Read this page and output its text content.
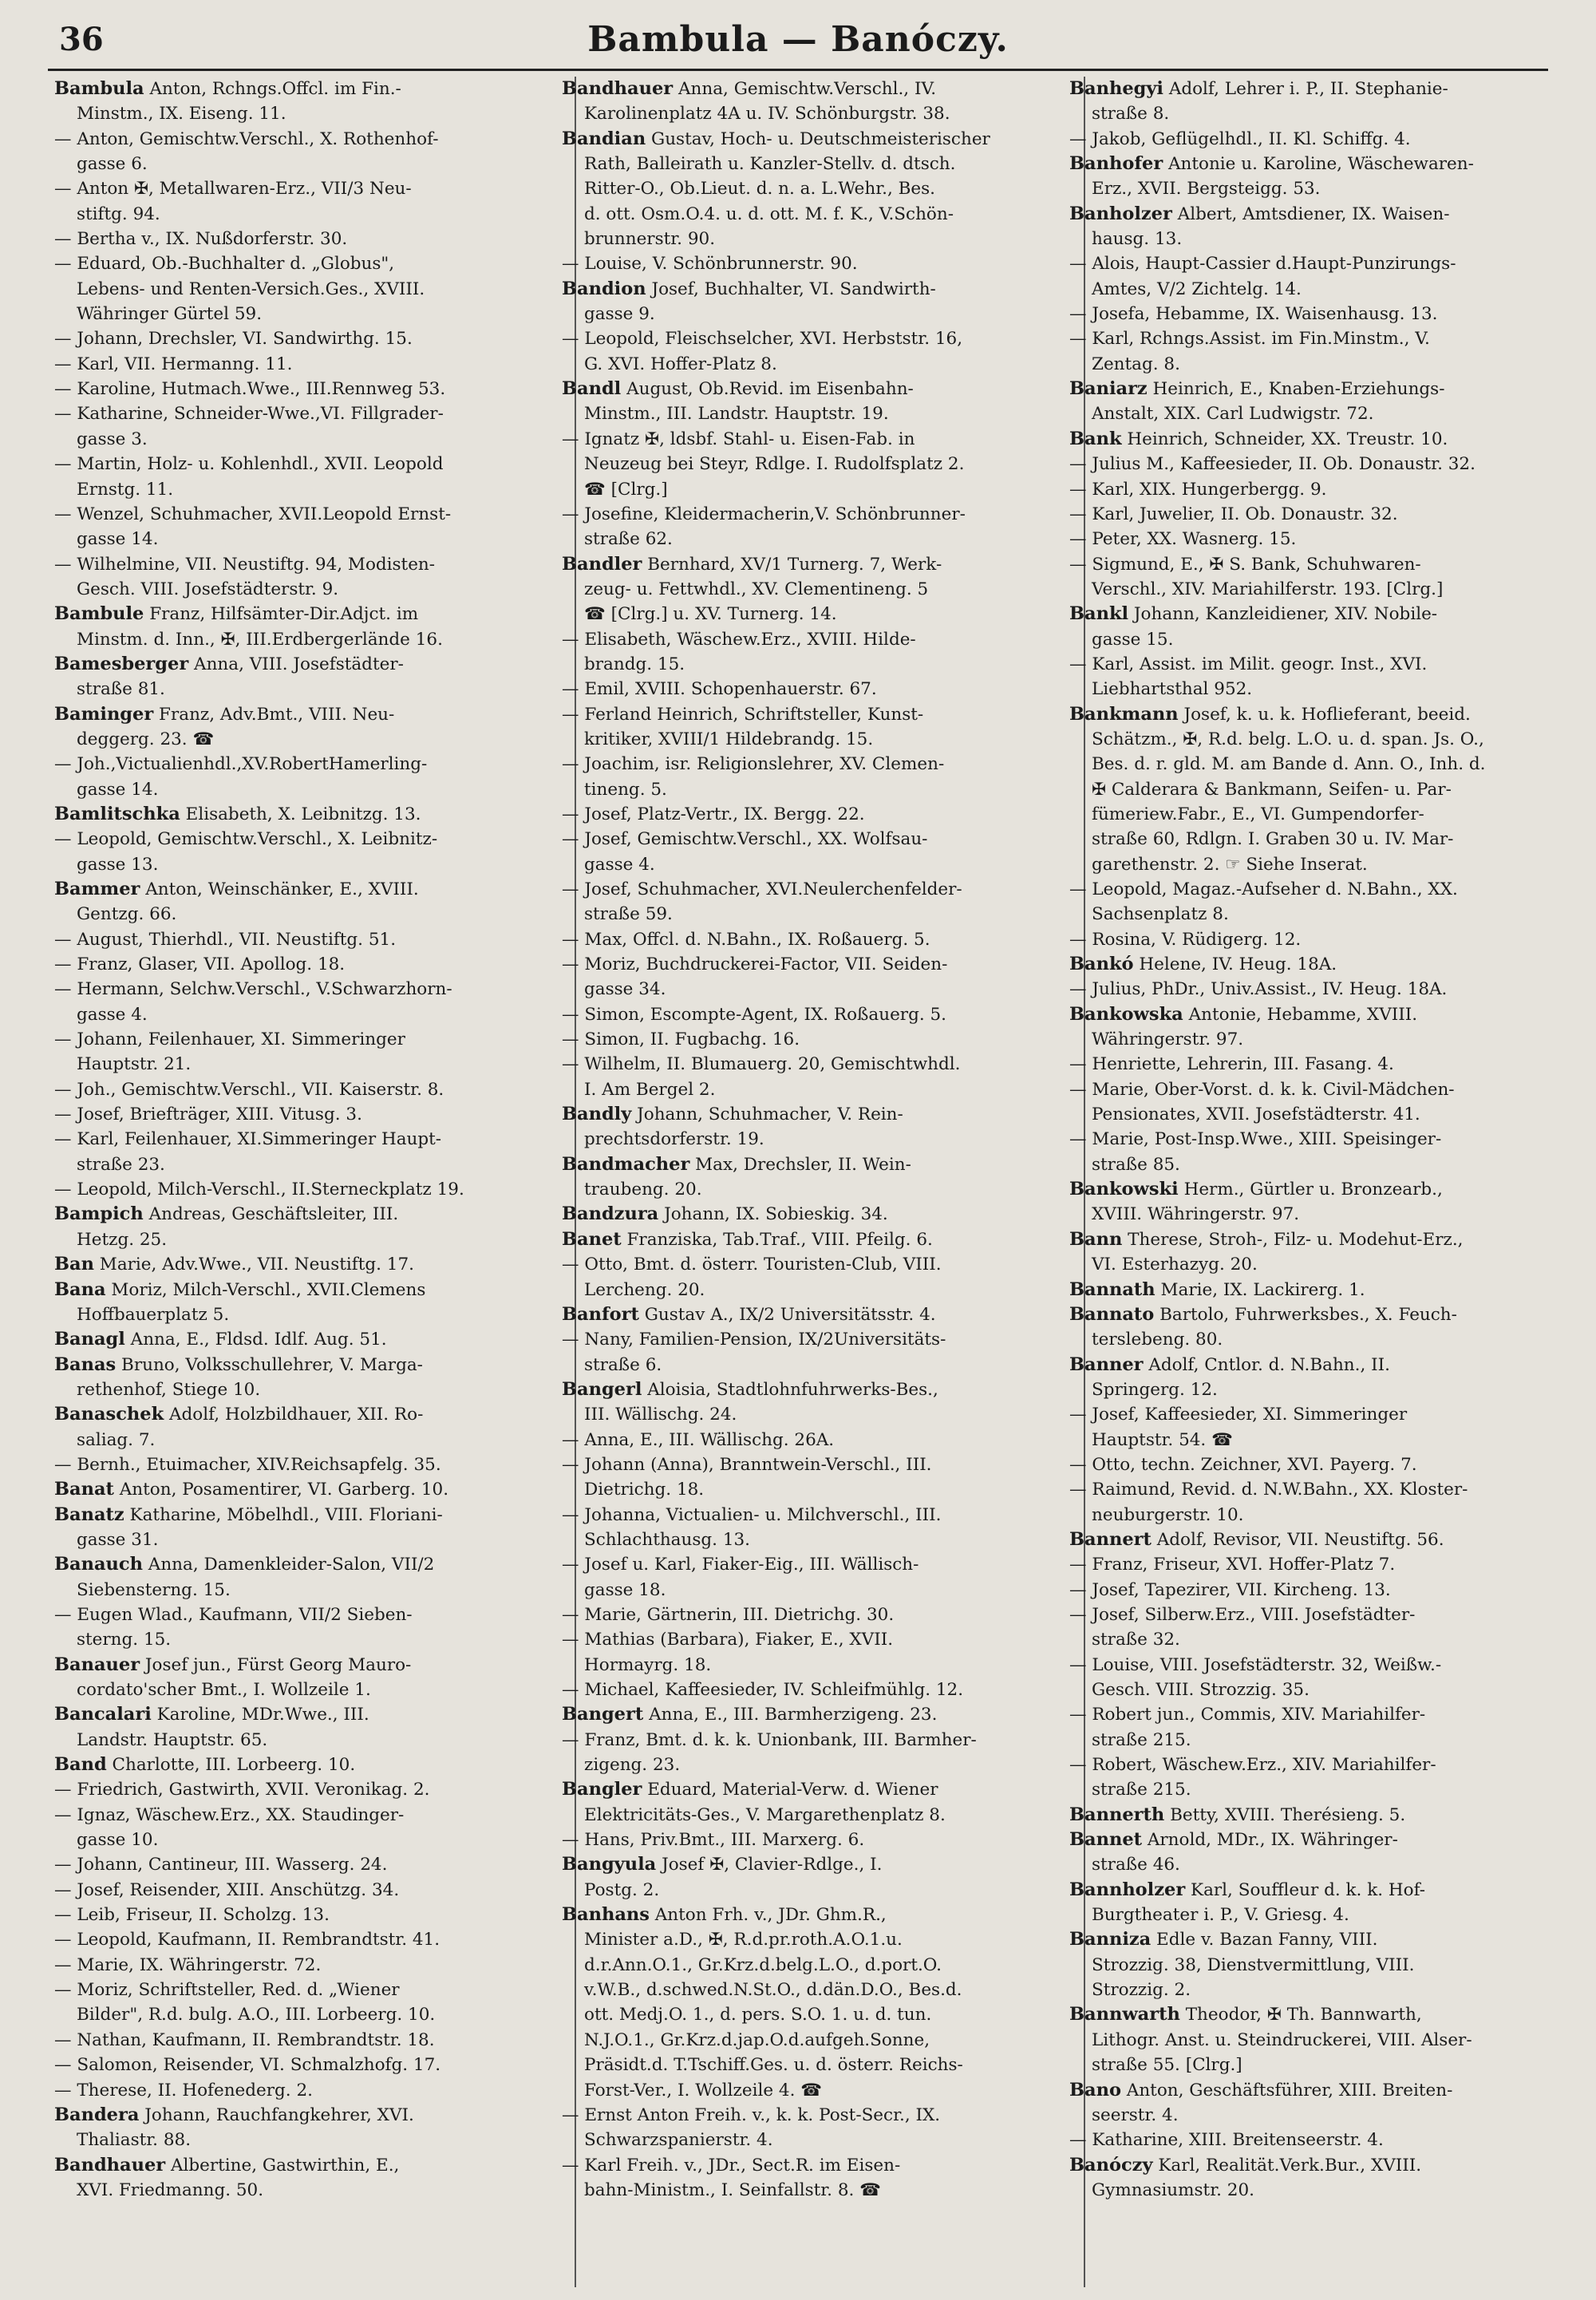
36	Bambula — Banóczy.
Bambula Anton, Rchngs.Offcl. im Fin.-
Minstm., IX. Eiseng. 11.
— Anton, Gemischtw.Verschl., X. Rothenhof-
gasse 6.
— Anton ✠, Metallwaren-Erz., VII/3 Neu-
stiftg. 94.
— Bertha v., IX. Nußdorferstr. 30.
— Eduard, Ob.-Buchhalter d. „Globus",
Lebens- und Renten-Versich.Ges., XVIII.
Währinger Gürtel 59.
— Johann, Drechsler, VI. Sandwirthg. 15.
— Karl, VII. Hermanng. 11.
— Karoline, Hutmach.Wwe., III.Rennweg 53.
— Katharine, Schneider-Wwe.,VI. Fillgrader-
gasse 3.
— Martin, Holz- u. Kohlenhdl., XVII. Leopold
Ernstg. 11.
— Wenzel, Schuhmacher, XVII.Leopold Ernst-
gasse 14.
— Wilhelmine, VII. Neustiftg. 94, Modisten-
Gesch. VIII. Josefstädterstr. 9.
Bambule Franz, Hilfsämter-Dir.Adjct. im
Minstm. d. Inn., ✠, III.Erdbergerlände 16.
Bamesberger Anna, VIII. Josefstädter-
straße 81.
Baminger Franz, Adv.Bmt., VIII. Neu-
deggerg. 23. ☎
— Joh.,Victualienhdl.,XV.RobertHamerling-
gasse 14.
Bamlitschka Elisabeth, X. Leibnitzg. 13.
— Leopold, Gemischtw.Verschl., X. Leibnitz-
gasse 13.
Bammer Anton, Weinschänker, E., XVIII.
Gentzg. 66.
— August, Thierhdl., VII. Neustiftg. 51.
— Franz, Glaser, VII. Apollog. 18.
— Hermann, Selchw.Verschl., V.Schwarzhorn-
gasse 4.
— Johann, Feilenhauer, XI. Simmeringer
Hauptstr. 21.
— Joh., Gemischtw.Verschl., VII. Kaiserstr. 8.
— Josef, Briefträger, XIII. Vitusg. 3.
— Karl, Feilenhauer, XI.Simmeringer Haupt-
straße 23.
— Leopold, Milch-Verschl., II.Sterneckplatz 19.
Bampich Andreas, Geschäftsleiter, III.
Hetzg. 25.
Ban Marie, Adv.Wwe., VII. Neustiftg. 17.
Bana Moriz, Milch-Verschl., XVII.Clemens
Hoffbauerplatz 5.
Banagl Anna, E., Fldsd. Idlf. Aug. 51.
Banas Bruno, Volksschullehrer, V. Marga-
rethenhof, Stiege 10.
Banaschek Adolf, Holzbildhauer, XII. Ro-
saliag. 7.
— Bernh., Etuimacher, XIV.Reichsapfelg. 35.
Banat Anton, Posamentirer, VI. Garberg. 10.
Banatz Katharine, Möbelhdl., VIII. Floriani-
gasse 31.
Banauch Anna, Damenkleider-Salon, VII/2
Siebensterng. 15.
— Eugen Wlad., Kaufmann, VII/2 Sieben-
sterng. 15.
Banauer Josef jun., Fürst Georg Mauro-
cordato'scher Bmt., I. Wollzeile 1.
Bancalari Karoline, MDr.Wwe., III.
Landstr. Hauptstr. 65.
Band Charlotte, III. Lorbeerg. 10.
— Friedrich, Gastwirth, XVII. Veronikag. 2.
— Ignaz, Wäschew.Erz., XX. Staudinger-
gasse 10.
— Johann, Cantineur, III. Wasserg. 24.
— Josef, Reisender, XIII. Anschützg. 34.
— Leib, Friseur, II. Scholzg. 13.
— Leopold, Kaufmann, II. Rembrandtstr. 41.
— Marie, IX. Währingerstr. 72.
— Moriz, Schriftsteller, Red. d. „Wiener
Bilder", R.d. bulg. A.O., III. Lorbeerg. 10.
— Nathan, Kaufmann, II. Rembrandtstr. 18.
— Salomon, Reisender, VI. Schmalzhofg. 17.
— Therese, II. Hofenederg. 2.
Bandera Johann, Rauchfangkehrer, XVI.
Thaliastr. 88.
Bandhauer Albertine, Gastwirthin, E.,
XVI. Friedmanng. 50.
Bandhauer Anna, Gemischtw.Verschl., IV.
Karolinenplatz 4A u. IV. Schönburgstr. 38.
Bandian Gustav, Hoch- u. Deutschmeisterischer
Rath, Balleirath u. Kanzler-Stellv. d. dtsch.
Ritter-O., Ob.Lieut. d. n. a. L.Wehr., Bes.
d. ott. Osm.O.4. u. d. ott. M. f. K., V.Schön-
brunnerstr. 90.
— Louise, V. Schönbrunnerstr. 90.
Bandion Josef, Buchhalter, VI. Sandwirth-
gasse 9.
— Leopold, Fleischselcher, XVI. Herbststr. 16,
G. XVI. Hoffer-Platz 8.
Bandl August, Ob.Revid. im Eisenbahn-
Minstm., III. Landstr. Hauptstr. 19.
— Ignatz ✠, ldsbf. Stahl- u. Eisen-Fab. in
Neuzeug bei Steyr, Rdlge. I. Rudolfsplatz 2.
☎ [Clrg.]
— Josefine, Kleidermacherin,V. Schönbrunner-
straße 62.
Bandler Bernhard, XV/1 Turnerg. 7, Werk-
zeug- u. Fettwhdl., XV. Clementineng. 5
☎ [Clrg.] u. XV. Turnerg. 14.
— Elisabeth, Wäschew.Erz., XVIII. Hilde-
brandg. 15.
— Emil, XVIII. Schopenhauerstr. 67.
— Ferland Heinrich, Schriftsteller, Kunst-
kritiker, XVIII/1 Hildebrandg. 15.
— Joachim, isr. Religionslehrer, XV. Clemen-
tineng. 5.
— Josef, Platz-Vertr., IX. Bergg. 22.
— Josef, Gemischtw.Verschl., XX. Wolfsau-
gasse 4.
— Josef, Schuhmacher, XVI.Neulerchenfelder-
straße 59.
— Max, Offcl. d. N.Bahn., IX. Roßauerg. 5.
— Moriz, Buchdruckerei-Factor, VII. Seiden-
gasse 34.
— Simon, Escompte-Agent, IX. Roßauerg. 5.
— Simon, II. Fugbachg. 16.
— Wilhelm, II. Blumauerg. 20, Gemischtwhdl.
I. Am Bergel 2.
Bandly Johann, Schuhmacher, V. Rein-
prechtsdorferstr. 19.
Bandmacher Max, Drechsler, II. Wein-
traubeng. 20.
Bandzura Johann, IX. Sobieskig. 34.
Banet Franziska, Tab.Traf., VIII. Pfeilg. 6.
— Otto, Bmt. d. österr. Touristen-Club, VIII.
Lercheng. 20.
Banfort Gustav A., IX/2 Universitätsstr. 4.
— Nany, Familien-Pension, IX/2Universitäts-
straße 6.
Bangerl Aloisia, Stadtlohnfuhrwerks-Bes.,
III. Wällischg. 24.
— Anna, E., III. Wällischg. 26A.
— Johann (Anna), Branntwein-Verschl., III.
Dietrichg. 18.
— Johanna, Victualien- u. Milchverschl., III.
Schlachthausg. 13.
— Josef u. Karl, Fiaker-Eig., III. Wällisch-
gasse 18.
— Marie, Gärtnerin, III. Dietrichg. 30.
— Mathias (Barbara), Fiaker, E., XVII.
Hormayrg. 18.
— Michael, Kaffeesieder, IV. Schleifmühlg. 12.
Bangert Anna, E., III. Barmherzigeng. 23.
— Franz, Bmt. d. k. k. Unionbank, III. Barmher-
zigeng. 23.
Bangler Eduard, Material-Verw. d. Wiener
Elektricitäts-Ges., V. Margarethenplatz 8.
— Hans, Priv.Bmt., III. Marxerg. 6.
Bangyula Josef ✠, Clavier-Rdlge., I.
Postg. 2.
Banhans Anton Frh. v., JDr. Ghm.R.,
Minister a.D., ✠, R.d.pr.roth.A.O.1.u.
d.r.Ann.O.1., Gr.Krz.d.belg.L.O., d.port.O.
v.W.B., d.schwed.N.St.O., d.dän.D.O., Bes.d.
ott. Medj.O. 1., d. pers. S.O. 1. u. d. tun.
N.J.O.1., Gr.Krz.d.jap.O.d.aufgeh.Sonne,
Präsidt.d. T.Tschiff.Ges. u. d. österr. Reichs-
Forst-Ver., I. Wollzeile 4. ☎
— Ernst Anton Freih. v., k. k. Post-Secr., IX.
Schwarzspanierstr. 4.
— Karl Freih. v., JDr., Sect.R. im Eisen-
bahn-Ministm., I. Seinfallstr. 8. ☎
Banhegyi Adolf, Lehrer i. P., II. Stephanie-
straße 8.
— Jakob, Geflügelhdl., II. Kl. Schiffg. 4.
Banhofer Antonie u. Karoline, Wäschewaren-
Erz., XVII. Bergsteigg. 53.
Banholzer Albert, Amtsdiener, IX. Waisen-
hausg. 13.
— Alois, Haupt-Cassier d.Haupt-Punzirungs-
Amtes, V/2 Zichtelg. 14.
— Josefa, Hebamme, IX. Waisenhausg. 13.
— Karl, Rchngs.Assist. im Fin.Minstm., V.
Zentag. 8.
Baniarz Heinrich, E., Knaben-Erziehungs-
Anstalt, XIX. Carl Ludwigstr. 72.
Bank Heinrich, Schneider, XX. Treustr. 10.
— Julius M., Kaffeesieder, II. Ob. Donaustr. 32.
— Karl, XIX. Hungerbergg. 9.
— Karl, Juwelier, II. Ob. Donaustr. 32.
— Peter, XX. Wasnerg. 15.
— Sigmund, E., ✠ S. Bank, Schuhwaren-
Verschl., XIV. Mariahilferstr. 193. [Clrg.]
Bankl Johann, Kanzleidiener, XIV. Nobile-
gasse 15.
— Karl, Assist. im Milit. geogr. Inst., XVI.
Liebhartsthal 952.
Bankmann Josef, k. u. k. Hoflieferant, beeid.
Schätzm., ✠, R.d. belg. L.O. u. d. span. Js. O.,
Bes. d. r. gld. M. am Bande d. Ann. O., Inh. d.
✠ Calderara & Bankmann, Seifen- u. Par-
fümeriew.Fabr., E., VI. Gumpendorfer-
straße 60, Rdlgn. I. Graben 30 u. IV. Mar-
garethenstr. 2. ☞ Siehe Inserat.
— Leopold, Magaz.-Aufseher d. N.Bahn., XX.
Sachsenplatz 8.
— Rosina, V. Rüdigerg. 12.
Bankó Helene, IV. Heug. 18A.
— Julius, PhDr., Univ.Assist., IV. Heug. 18A.
Bankowska Antonie, Hebamme, XVIII.
Währingerstr. 97.
— Henriette, Lehrerin, III. Fasang. 4.
— Marie, Ober-Vorst. d. k. k. Civil-Mädchen-
Pensionates, XVII. Josefstädterstr. 41.
— Marie, Post-Insp.Wwe., XIII. Speisinger-
straße 85.
Bankowski Herm., Gürtler u. Bronzearb.,
XVIII. Währingerstr. 97.
Bann Therese, Stroh-, Filz- u. Modehut-Erz.,
VI. Esterhazyg. 20.
Bannath Marie, IX. Lackirerg. 1.
Bannato Bartolo, Fuhrwerksbes., X. Feuch-
terslebeng. 80.
Banner Adolf, Cntlor. d. N.Bahn., II.
Springerg. 12.
— Josef, Kaffeesieder, XI. Simmeringer
Hauptstr. 54. ☎
— Otto, techn. Zeichner, XVI. Payerg. 7.
— Raimund, Revid. d. N.W.Bahn., XX. Kloster-
neuburgerstr. 10.
Bannert Adolf, Revisor, VII. Neustiftg. 56.
— Franz, Friseur, XVI. Hoffer-Platz 7.
— Josef, Tapezirer, VII. Kircheng. 13.
— Josef, Silberw.Erz., VIII. Josefstädter-
straße 32.
— Louise, VIII. Josefstädterstr. 32, Weißw.-
Gesch. VIII. Strozzig. 35.
— Robert jun., Commis, XIV. Mariahilfer-
straße 215.
— Robert, Wäschew.Erz., XIV. Mariahilfer-
straße 215.
Bannerth Betty, XVIII. Therésieng. 5.
Bannet Arnold, MDr., IX. Währinger-
straße 46.
Bannholzer Karl, Souffleur d. k. k. Hof-
Burgtheater i. P., V. Griesg. 4.
Banniza Edle v. Bazan Fanny, VIII.
Strozzig. 38, Dienstvermittlung, VIII.
Strozzig. 2.
Bannwarth Theodor, ✠ Th. Bannwarth,
Lithogr. Anst. u. Steindruckerei, VIII. Alser-
straße 55. [Clrg.]
Bano Anton, Geschäftsführer, XIII. Breiten-
seerstr. 4.
— Katharine, XIII. Breitenseerstr. 4.
Banóczy Karl, Realität.Verk.Bur., XVIII.
Gymnasiumstr. 20.
